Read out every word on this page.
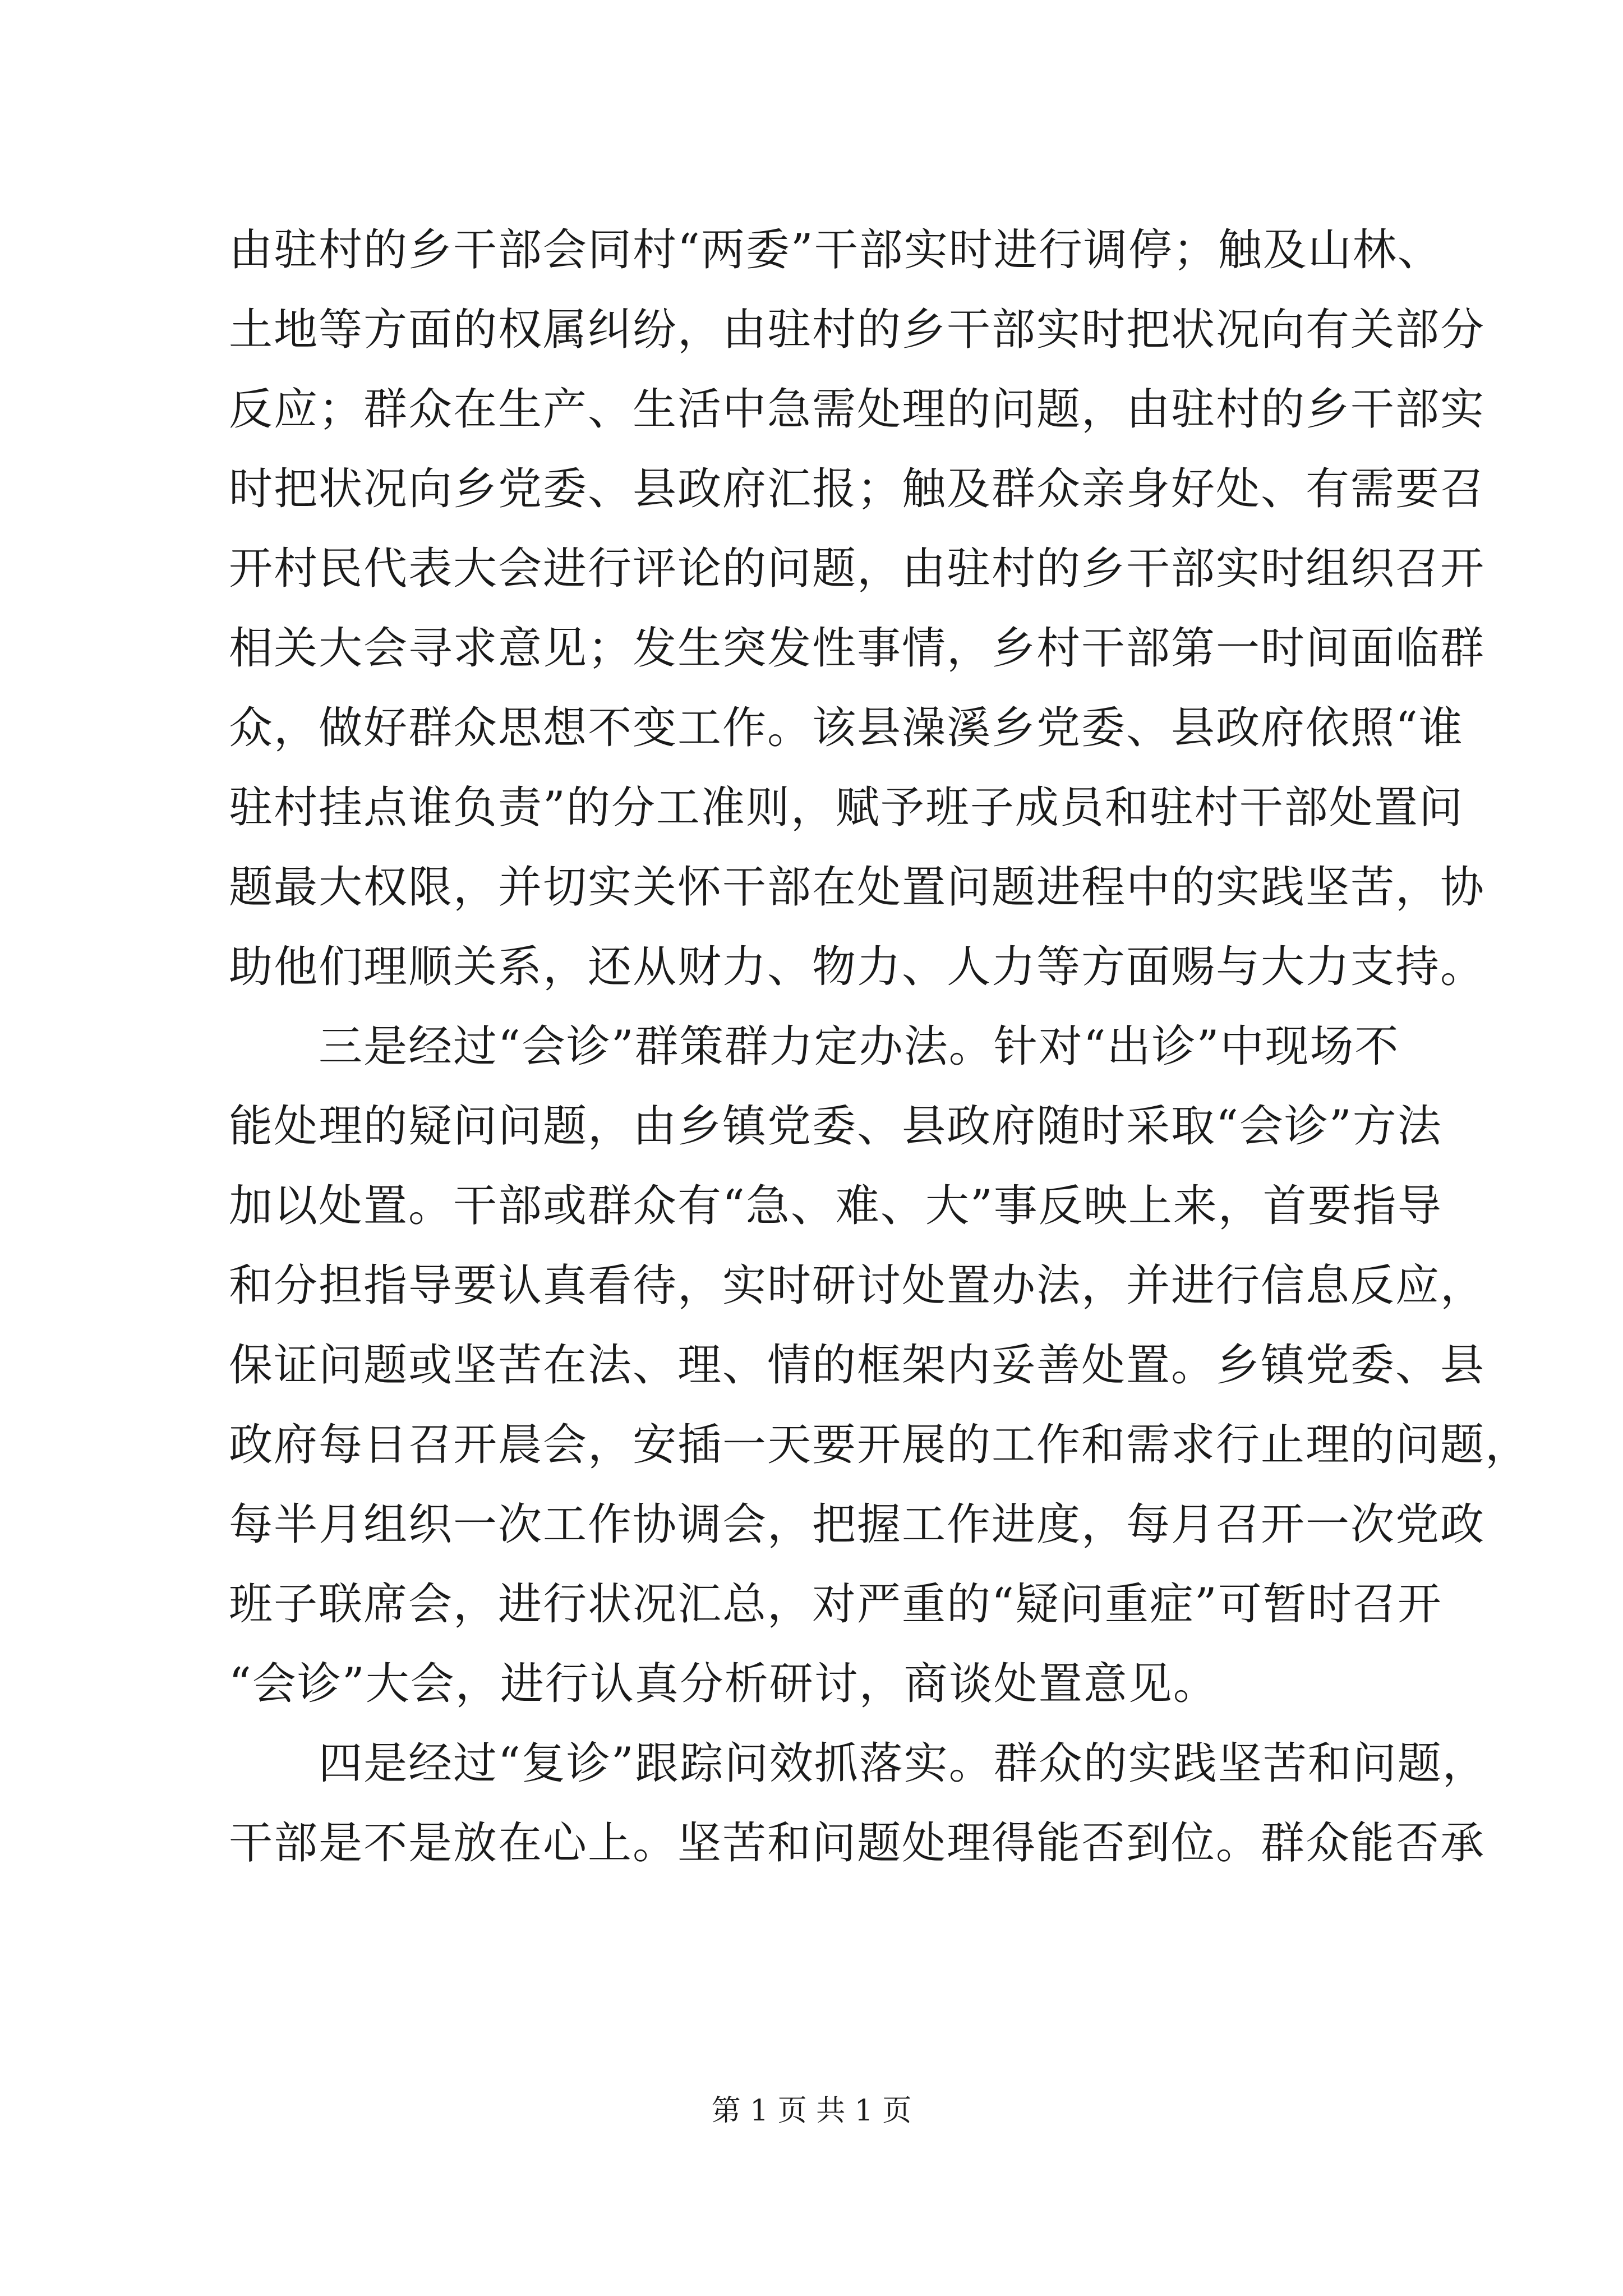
由驻村的乡干部会同村“两委”干部实时进行调停；触及山林、
土地等方面的权属纠纷，由驻村的乡干部实时把状况向有关部分
反应；群众在生产、生活中急需处理的问题，由驻村的乡干部实
时把状况向乡党委、县政府汇报；触及群众亲身好处、有需要召
开村民代表大会进行评论的问题，由驻村的乡干部实时组织召开
相关大会寻求意见；发生突发性事情，乡村干部第一时间面临群
众，做好群众思想不变工作。该县澡溪乡党委、县政府依照“谁
驻村挂点谁负责”的分工准则，赋予班子成员和驻村干部处置问
题最大权限，并切实关怀干部在处置问题进程中的实践坚苦，协
助他们理顺关系，还从财力、物力、人力等方面赐与大力支持。
　　三是经过“会诊”群策群力定办法。针对“出诊”中现场不
能处理的疑问问题，由乡镇党委、县政府随时采取“会诊”方法
加以处置。干部或群众有“急、难、大”事反映上来，首要指导
和分担指导要认真看待，实时研讨处置办法，并进行信息反应，
保证问题或坚苦在法、理、情的框架内妥善处置。乡镇党委、县
政府每日召开晨会，安插一天要开展的工作和需求行止理的问题，
每半月组织一次工作协调会，把握工作进度，每月召开一次党政
班子联席会，进行状况汇总，对严重的“疑问重症”可暂时召开
“会诊”大会，进行认真分析研讨，商谈处置意见。
　　四是经过“复诊”跟踪问效抓落实。群众的实践坚苦和问题，
干部是不是放在心上。坚苦和问题处理得能否到位。群众能否承
第 1 页 共 1 页
